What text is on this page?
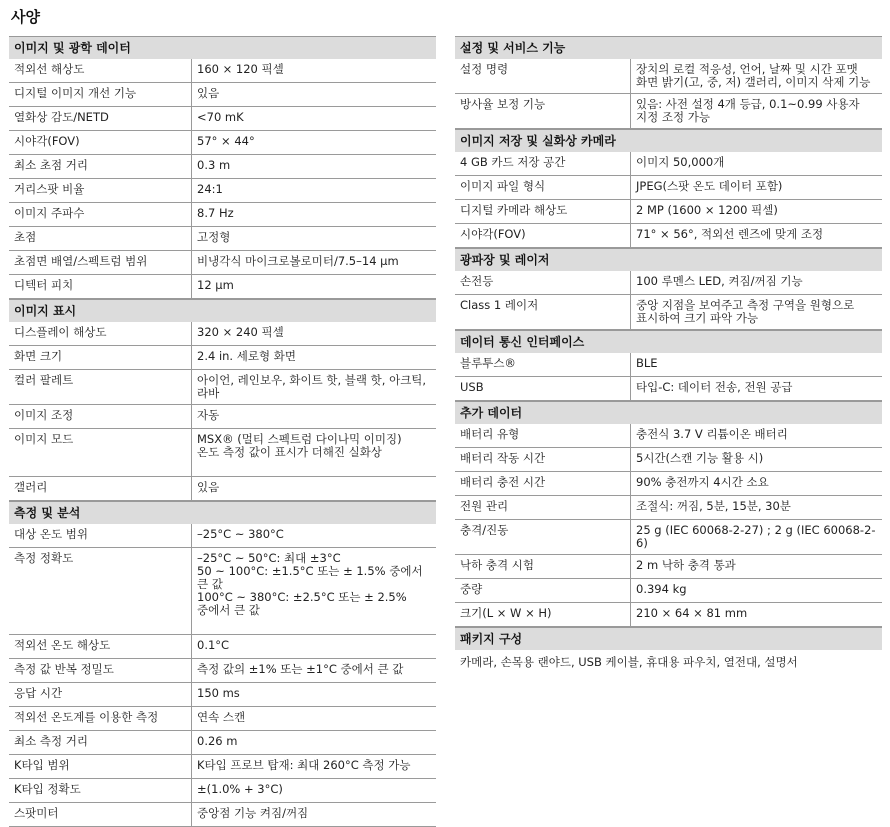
사양
이미지 및 광학 데이터
적외선 해상도	160 × 120 픽셀
디지털 이미지 개선 기능	있음
열화상 감도/NETD	<70 mK
시야각(FOV)	57° × 44°
최소 초점 거리	0.3 m
거리스팟 비율	24:1
이미지 주파수	8.7 Hz
초점	고정형
초점면 배열/스펙트럼 범위	비냉각식 마이크로볼로미터/7.5–14 µm
디텍터 피치	12 µm
이미지 표시
디스플레이 해상도	320 × 240 픽셀
화면 크기	2.4 in. 세로형 화면
컬러 팔레트	아이언, 레인보우, 화이트 핫, 블랙 핫, 아크틱, 라바
이미지 조정	자동
이미지 모드	MSX® (멀티 스펙트럼 다이나믹 이미징)
온도 측정 값이 표시가 더해진 실화상

갤러리	있음
측정 및 분석
대상 온도 범위	–25°C ~ 380°C
측정 정확도	–25°C ~ 50°C: 최대 ±3°C
50 ~ 100°C: ±1.5°C 또는 ± 1.5% 중에서 큰 값
100°C ~ 380°C: ±2.5°C 또는 ± 2.5%
중에서 큰 값

적외선 온도 해상도	0.1°C
측정 값 반복 정밀도	측정 값의 ±1% 또는 ±1°C 중에서 큰 값
응답 시간	150 ms
적외선 온도계를 이용한 측정	연속 스캔
최소 측정 거리	0.26 m
K타입 범위	K타입 프로브 탑재: 최대 260°C 측정 가능
K타입 정확도	±(1.0% + 3°C)
스팟미터	중앙점 기능 켜짐/꺼짐
설정 및 서비스 기능
설정 명령	장치의 로컬 적응성, 언어, 날짜 및 시간 포맷
화면 밝기(고, 중, 저) 갤러리, 이미지 삭제 기능
방사율 보정 기능	있음: 사전 설정 4개 등급, 0.1~0.99 사용자
지정 조정 가능
이미지 저장 및 실화상 카메라
4 GB 카드 저장 공간	이미지 50,000개
이미지 파일 형식	JPEG(스팟 온도 데이터 포함)
디지털 카메라 해상도	2 MP (1600 × 1200 픽셀)
시야각(FOV)	71° × 56°, 적외선 렌즈에 맞게 조정
광파장 및 레이저
손전등	100 루멘스 LED, 켜짐/꺼짐 기능
Class 1 레이저	중앙 지점을 보여주고 측정 구역을 원형으로
표시하여 크기 파악 가능
데이터 통신 인터페이스
블루투스®	BLE
USB	타입-C: 데이터 전송, 전원 공급
추가 데이터
배터리 유형	충전식 3.7 V 리튬이온 배터리
배터리 작동 시간	5시간(스캔 기능 활용 시)
배터리 충전 시간	90% 충전까지 4시간 소요
전원 관리	조절식: 꺼짐, 5분, 15분, 30분
충격/진동	25 g (IEC 60068-2-27) ; 2 g (IEC 60068-2-6)
낙하 충격 시험	2 m 낙하 충격 통과
중량	0.394 kg
크기(L × W × H)	210 × 64 × 81 mm
패키지 구성
카메라, 손목용 랜야드, USB 케이블, 휴대용 파우치, 열전대, 설명서
